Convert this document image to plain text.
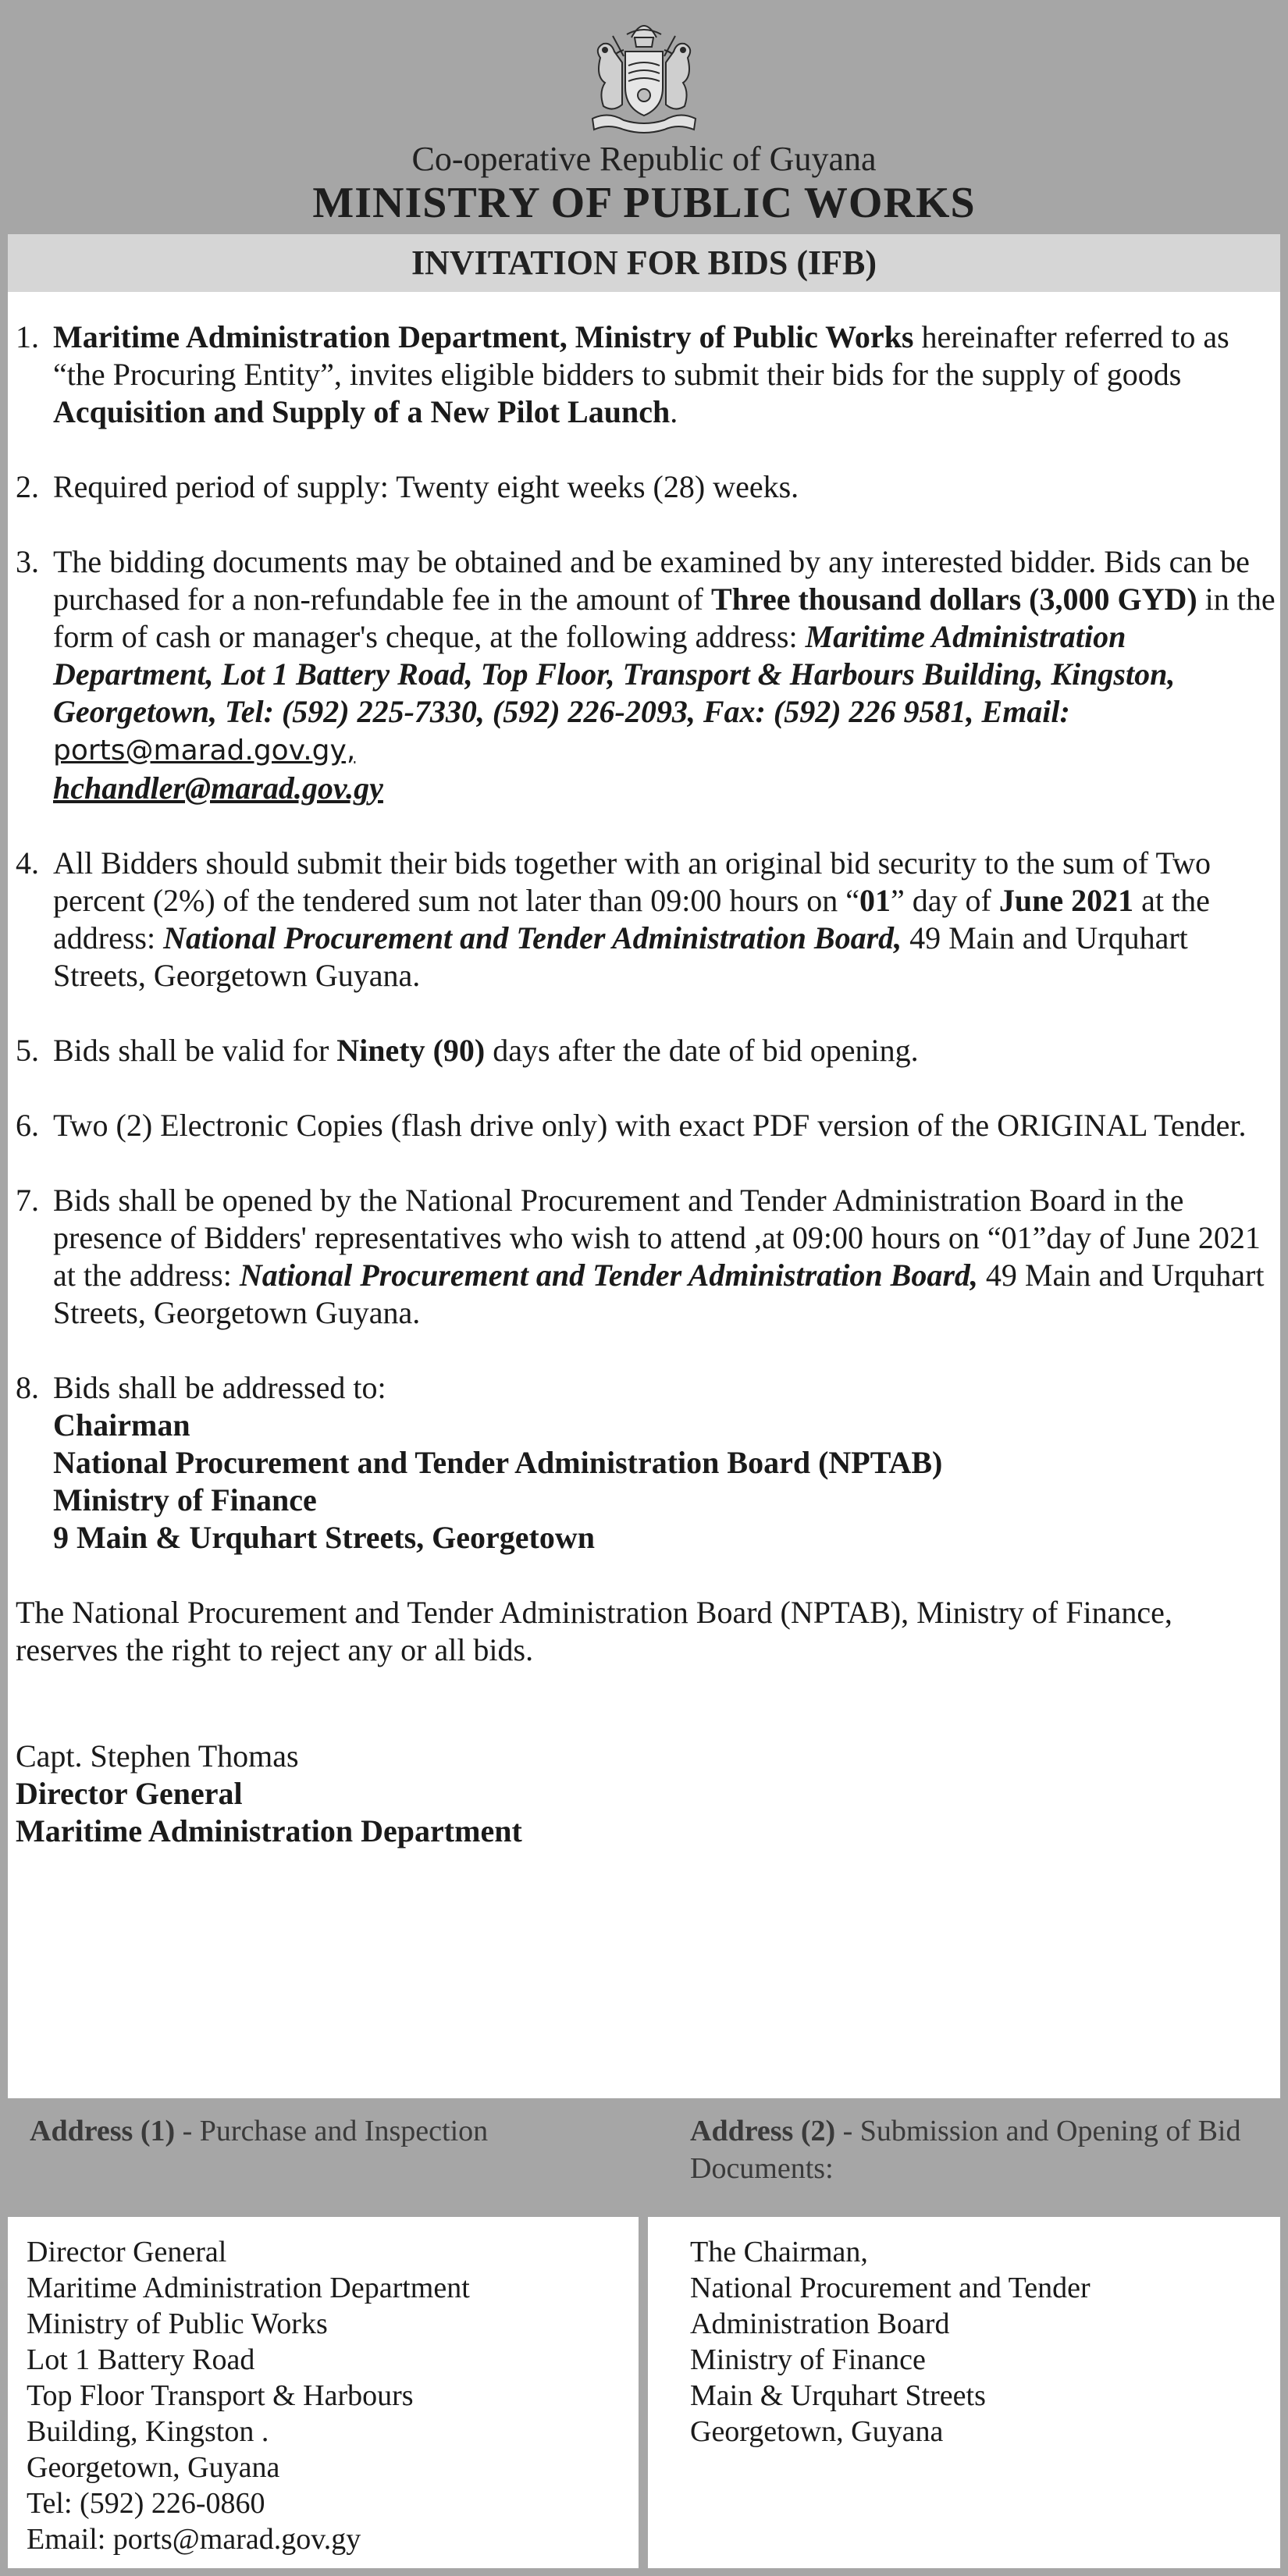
Co-operative Republic of Guyana
MINISTRY OF PUBLIC WORKS
INVITATION FOR BIDS (IFB)
1. Maritime Administration Department, Ministry of Public Works hereinafter referred to as “the Procuring Entity”, invites eligible bidders to submit their bids for the supply of goods Acquisition and Supply of a New Pilot Launch.
2. Required period of supply: Twenty eight weeks (28) weeks.
3. The bidding documents may be obtained and be examined by any interested bidder. Bids can be purchased for a non-refundable fee in the amount of Three thousand dollars (3,000 GYD) in the form of cash or manager's cheque, at the following address: Maritime Administration Department, Lot 1 Battery Road, Top Floor, Transport & Harbours Building, Kingston, Georgetown, Tel: (592) 225-7330, (592) 226-2093, Fax: (592) 226 9581, Email: ports@marad.gov.gy,
hchandler@marad.gov.gy
4. All Bidders should submit their bids together with an original bid security to the sum of Two percent (2%) of the tendered sum not later than 09:00 hours on “01” day of June 2021 at the address: National Procurement and Tender Administration Board, 49 Main and Urquhart Streets, Georgetown Guyana.
5. Bids shall be valid for Ninety (90) days after the date of bid opening.
6. Two (2) Electronic Copies (flash drive only) with exact PDF version of the ORIGINAL Tender.
7. Bids shall be opened by the National Procurement and Tender Administration Board in the presence of Bidders' representatives who wish to attend ,at 09:00 hours on “01”day of June 2021 at the address: National Procurement and Tender Administration Board, 49 Main and Urquhart Streets, Georgetown Guyana.
8. Bids shall be addressed to:
Chairman
National Procurement and Tender Administration Board (NPTAB)
Ministry of Finance
9 Main & Urquhart Streets, Georgetown
The National Procurement and Tender Administration Board (NPTAB), Ministry of Finance, reserves the right to reject any or all bids.
Capt. Stephen Thomas
Director General
Maritime Administration Department
Address (1) - Purchase and Inspection	Address (2) - Submission and Opening of Bid Documents:
Director General
Maritime Administration Department
Ministry of Public Works
Lot 1 Battery Road
Top Floor Transport & Harbours
Building, Kingston .
Georgetown, Guyana
Tel: (592) 226-0860
Email: ports@marad.gov.gy
The Chairman,
National Procurement and Tender
Administration Board
Ministry of Finance
Main & Urquhart Streets
Georgetown, Guyana
